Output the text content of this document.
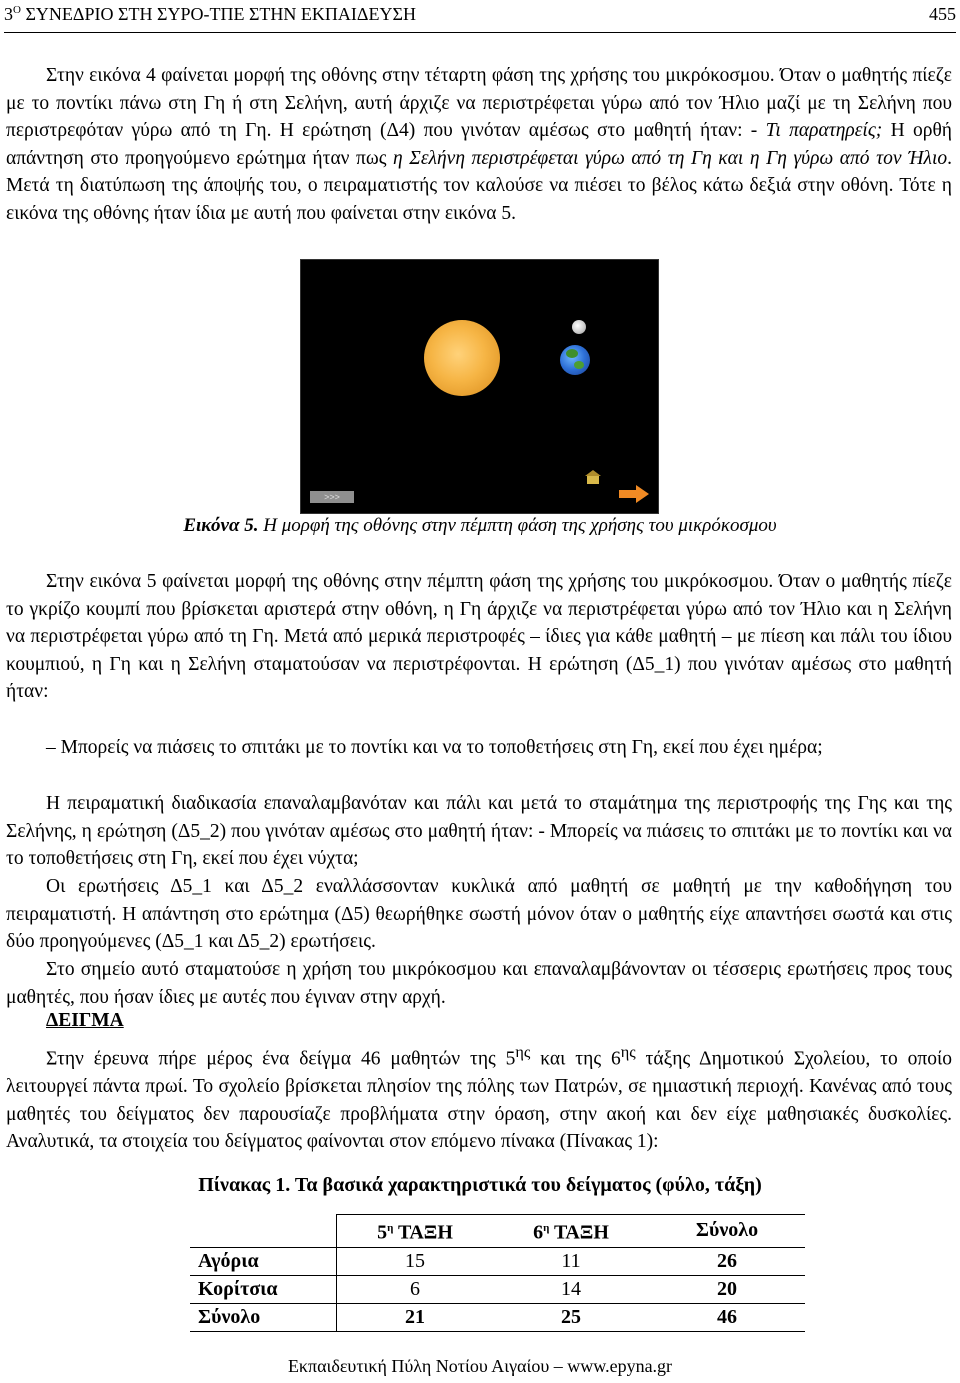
$3^O$ ΣΥΝΕΔΡΙΟ ΣΤΗ ΣΥΡΟ-ΤΠΕ ΣΤΗΝ ΕΚΠΑΙΔΕΥΣΗ	455

Στην εικόνα 4 φαίνεται μορφή της οθόνης στην τέταρτη φάση της χρήσης του μικρόκοσμου. Όταν ο μαθητής πίεζε με το ποντίκι πάνω στη Γη ή στη Σελήνη, αυτή άρχιζε να περιστρέφεται γύρω από τον Ήλιο μαζί με τη Σελήνη που περιστρεφόταν γύρω από τη Γη. Η ερώτηση (Δ4) που γινόταν αμέσως στο μαθητή ήταν: - Τι παρατηρείς; Η ορθή απάντηση στο προηγούμενο ερώτημα ήταν πως η Σελήνη περιστρέφεται γύρω από τη Γη και η Γη γύρω από τον Ήλιο. Μετά τη διατύπωση της άποψής του, ο πειραματιστής τον καλούσε να πιέσει το βέλος κάτω δεξιά στην οθόνη. Τότε η εικόνα της οθόνης ήταν ίδια με αυτή που φαίνεται στην εικόνα 5.

>>>
Εικόνα 5. Η μορφή της οθόνης στην πέμπτη φάση της χρήσης του μικρόκοσμου

Στην εικόνα 5 φαίνεται μορφή της οθόνης στην πέμπτη φάση της χρήσης του μικρόκοσμου. Όταν ο μαθητής πίεζε το γκρίζο κουμπί που βρίσκεται αριστερά στην οθόνη, η Γη άρχιζε να περιστρέφεται γύρω από τον Ήλιο και η Σελήνη να περιστρέφεται γύρω από τη Γη. Μετά από μερικά περιστροφές – ίδιες για κάθε μαθητή – με πίεση και πάλι του ίδιου κουμπιού, η Γη και η Σελήνη σταματούσαν να περιστρέφονται. Η ερώτηση (Δ5_1) που γινόταν αμέσως στο μαθητή ήταν:

– Μπορείς να πιάσεις το σπιτάκι με το ποντίκι και να το τοποθετήσεις στη Γη, εκεί που έχει ημέρα;

Η πειραματική διαδικασία επαναλαμβανόταν και πάλι και μετά το σταμάτημα της περιστροφής της Γης και της Σελήνης, η ερώτηση (Δ5_2) που γινόταν αμέσως στο μαθητή ήταν: - Μπορείς να πιάσεις το σπιτάκι με το ποντίκι και να το τοποθετήσεις στη Γη, εκεί που έχει νύχτα;

Οι ερωτήσεις Δ5_1 και Δ5_2 εναλλάσσονταν κυκλικά από μαθητή σε μαθητή με την καθοδήγηση του πειραματιστή. Η απάντηση στο ερώτημα (Δ5) θεωρήθηκε σωστή μόνον όταν ο μαθητής είχε απαντήσει σωστά και στις δύο προηγούμενες (Δ5_1 και Δ5_2) ερωτήσεις.

Στο σημείο αυτό σταματούσε η χρήση του μικρόκοσμου και επαναλαμβάνονταν οι τέσσερις ερωτήσεις προς τους μαθητές, που ήσαν ίδιες με αυτές που έγιναν στην αρχή.

ΔΕΙΓΜΑ

Στην έρευνα πήρε μέρος ένα δείγμα 46 μαθητών της $5^{\eta\varsigma}$ και της $6^{\eta\varsigma}$ τάξης Δημοτικού Σχολείου, το οποίο λειτουργεί πάντα πρωί. Το σχολείο βρίσκεται πλησίον της πόλης των Πατρών, σε ημιαστική περιοχή. Κανένας από τους μαθητές του δείγματος δεν παρουσίαζε προβλήματα στην όραση, στην ακοή και δεν είχε μαθησιακές δυσκολίες. Αναλυτικά, τα στοιχεία του δείγματος φαίνονται στον επόμενο πίνακα (Πίνακας 1):

Πίνακας 1. Τα βασικά χαρακτηριστικά του δείγματος (φύλο, τάξη)
	$5^\eta$ ΤΑΞΗ	$6^\eta$ ΤΑΞΗ	Σύνολο
Αγόρια	15	11	26
Κορίτσια	6	14	20
Σύνολο	21	25	46
Εκπαιδευτική Πύλη Νοτίου Αιγαίου – www.epyna.gr
